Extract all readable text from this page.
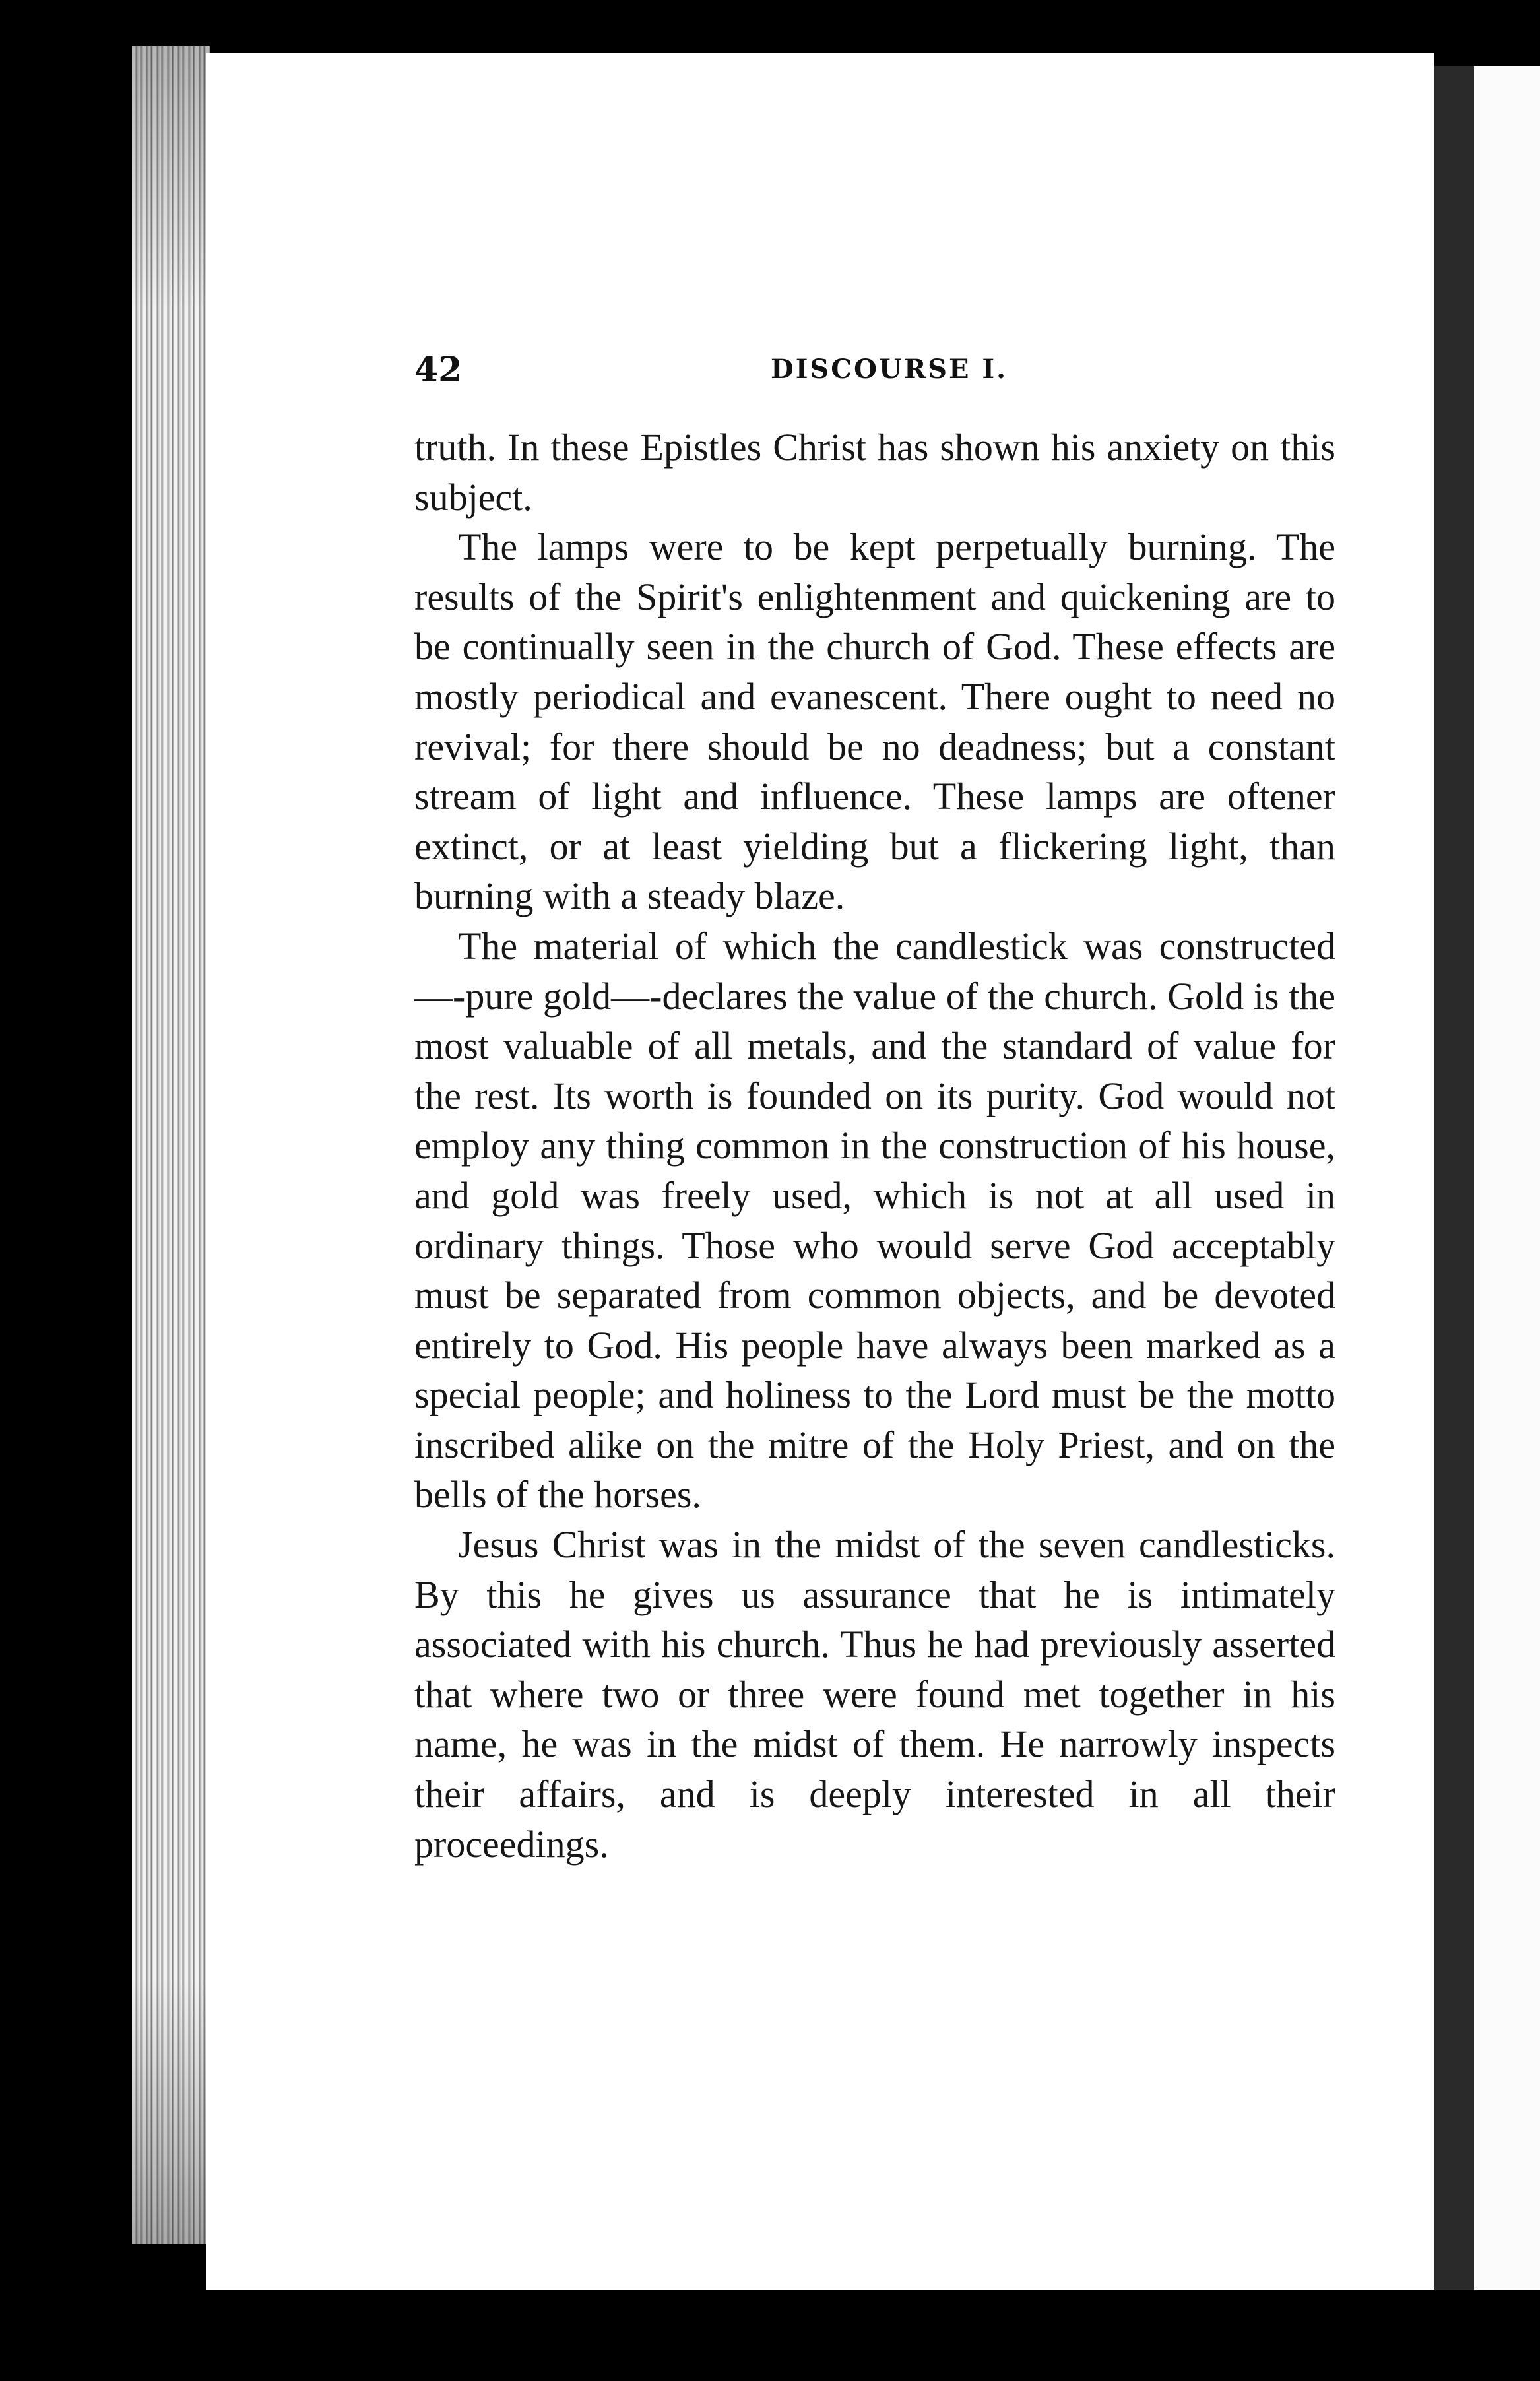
42	DISCOURSE I.

truth. In these Epistles Christ has shown his anxiety on this subject.

The lamps were to be kept perpetually burning. The results of the Spirit's enlightenment and quickening are to be continually seen in the church of God. These effects are mostly periodical and evanescent. There ought to need no revival; for there should be no deadness; but a constant stream of light and influence. These lamps are oftener extinct, or at least yielding but a flickering light, than burning with a steady blaze.

The material of which the candlestick was constructed—-pure gold—-declares the value of the church. Gold is the most valuable of all metals, and the standard of value for the rest. Its worth is founded on its purity. God would not employ any thing common in the construction of his house, and gold was freely used, which is not at all used in ordinary things. Those who would serve God acceptably must be separated from common objects, and be devoted entirely to God. His people have always been marked as a special people; and holiness to the Lord must be the motto inscribed alike on the mitre of the Holy Priest, and on the bells of the horses.

Jesus Christ was in the midst of the seven candlesticks. By this he gives us assurance that he is intimately associated with his church. Thus he had previously asserted that where two or three were found met together in his name, he was in the midst of them. He narrowly inspects their affairs, and is deeply interested in all their proceedings.
